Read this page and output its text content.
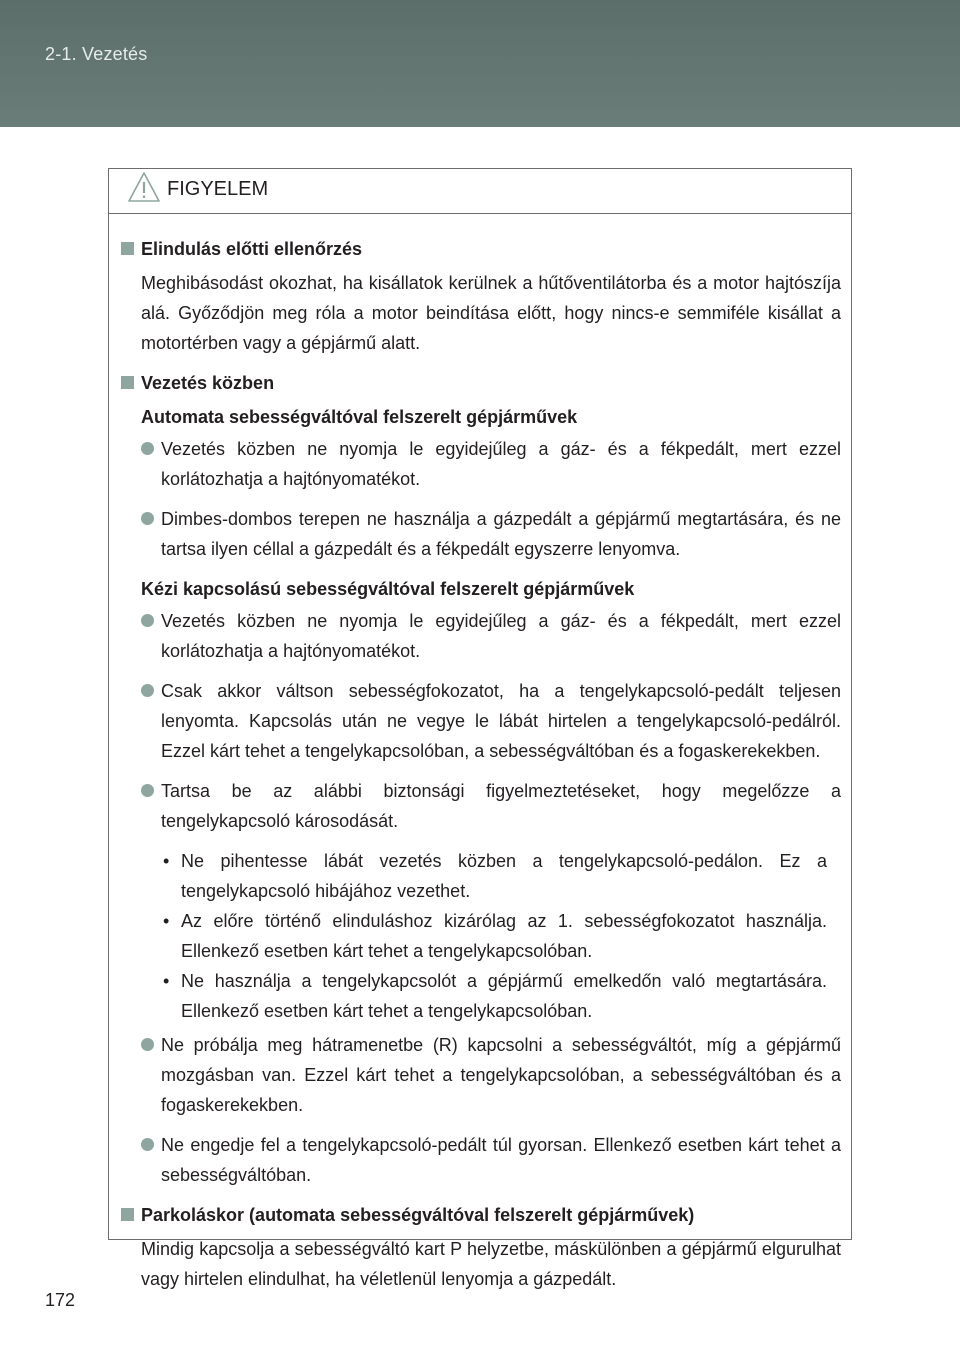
2-1. Vezetés
FIGYELEM
Elindulás előtti ellenőrzés

Meghibásodást okozhat, ha kisállatok kerülnek a hűtőventilátorba és a motor hajtószíja alá. Győződjön meg róla a motor beindítása előtt, hogy nincs-e semmiféle kisállat a motortérben vagy a gépjármű alatt.

Vezetés közben
Automata sebességváltóval felszerelt gépjárművek

Vezetés közben ne nyomja le egyidejűleg a gáz- és a fékpedált, mert ezzel korlátozhatja a hajtónyomatékot.

Dimbes-dombos terepen ne használja a gázpedált a gépjármű megtartására, és ne tartsa ilyen céllal a gázpedált és a fékpedált egyszerre lenyomva.

Kézi kapcsolású sebességváltóval felszerelt gépjárművek

Vezetés közben ne nyomja le egyidejűleg a gáz- és a fékpedált, mert ezzel korlátozhatja a hajtónyomatékot.

Csak akkor váltson sebességfokozatot, ha a tengelykapcsoló-pedált teljesen lenyomta. Kapcsolás után ne vegye le lábát hirtelen a tengelykapcsoló-pedálról. Ezzel kárt tehet a tengelykapcsolóban, a sebességváltóban és a fogaskerekekben.

Tartsa be az alábbi biztonsági figyelmeztetéseket, hogy megelőzze a tengelykapcsoló károsodását.

• Ne pihentesse lábát vezetés közben a tengelykapcsoló-pedálon. Ez a tengelykapcsoló hibájához vezethet.
• Az előre történő elinduláshoz kizárólag az 1. sebességfokozatot használja. Ellenkező esetben kárt tehet a tengelykapcsolóban.
• Ne használja a tengelykapcsolót a gépjármű emelkedőn való megtartására. Ellenkező esetben kárt tehet a tengelykapcsolóban.

Ne próbálja meg hátramenetbe (R) kapcsolni a sebességváltót, míg a gépjármű mozgásban van. Ezzel kárt tehet a tengelykapcsolóban, a sebességváltóban és a fogaskerekekben.

Ne engedje fel a tengelykapcsoló-pedált túl gyorsan. Ellenkező esetben kárt tehet a sebességváltóban.

Parkoláskor (automata sebességváltóval felszerelt gépjárművek)

Mindig kapcsolja a sebességváltó kart P helyzetbe, máskülönben a gépjármű elgurulhat vagy hirtelen elindulhat, ha véletlenül lenyomja a gázpedált.

172
